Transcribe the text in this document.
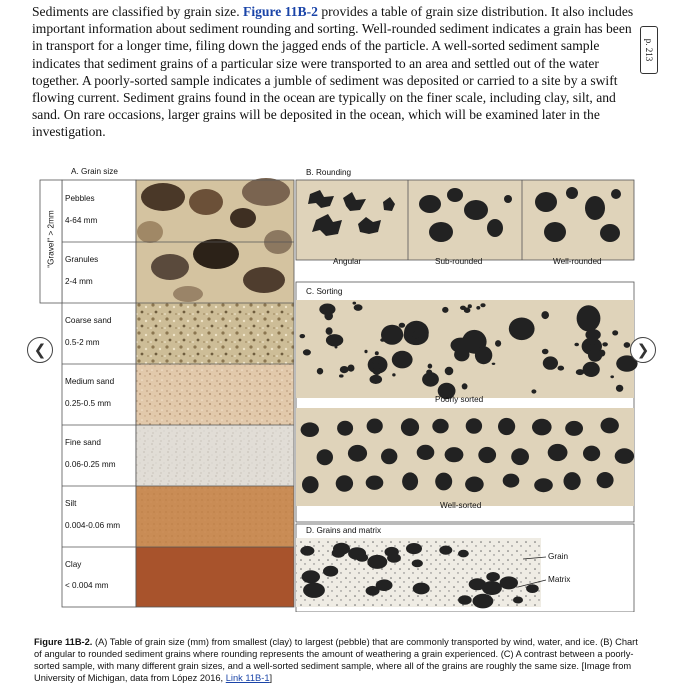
Sediments are classified by grain size. Figure 11B-2 provides a table of grain size distribution. It also includes important information about sediment rounding and sorting. Well-rounded sediment indicates a grain has been in transport for a longer time, filing down the jagged ends of the particle. A well-sorted sediment sample indicates that sediment grains of a particular size were transported to an area and settled out of the water together. A poorly-sorted sample indicates a jumble of sediment was deposited or carried to a site by a swift flowing current. Sediment grains found in the ocean are typically on the finer scale, including clay, silt, and sand. On rare occasions, larger grains will be deposited in the ocean, which will be examined later in the investigation.

p. 213
A. Grain size
"Gravel" > 2mm
Pebbles
4-64 mm
Granules
2-4 mm
Coarse sand
0.5-2 mm
Medium sand
0.25-0.5 mm
Fine sand
0.06-0.25 mm
Silt
0.004-0.06 mm
Clay
< 0.004 mm
B. Rounding
Angular	Sub-rounded	Well-rounded
C. Sorting
Poorly sorted
Well-sorted
D. Grains and matrix
Grain
Matrix
❮	❯

Figure 11B-2. (A) Table of grain size (mm) from smallest (clay) to largest (pebble) that are commonly transported by wind, water, and ice. (B) Chart of angular to rounded sediment grains where rounding represents the amount of weathering a grain experienced. (C) A contrast between a poorly-sorted sample, with many different grain sizes, and a well-sorted sediment sample, where all of the grains are roughly the same size. [Image from University of Michigan, data from López 2016, Link 11B-1]
